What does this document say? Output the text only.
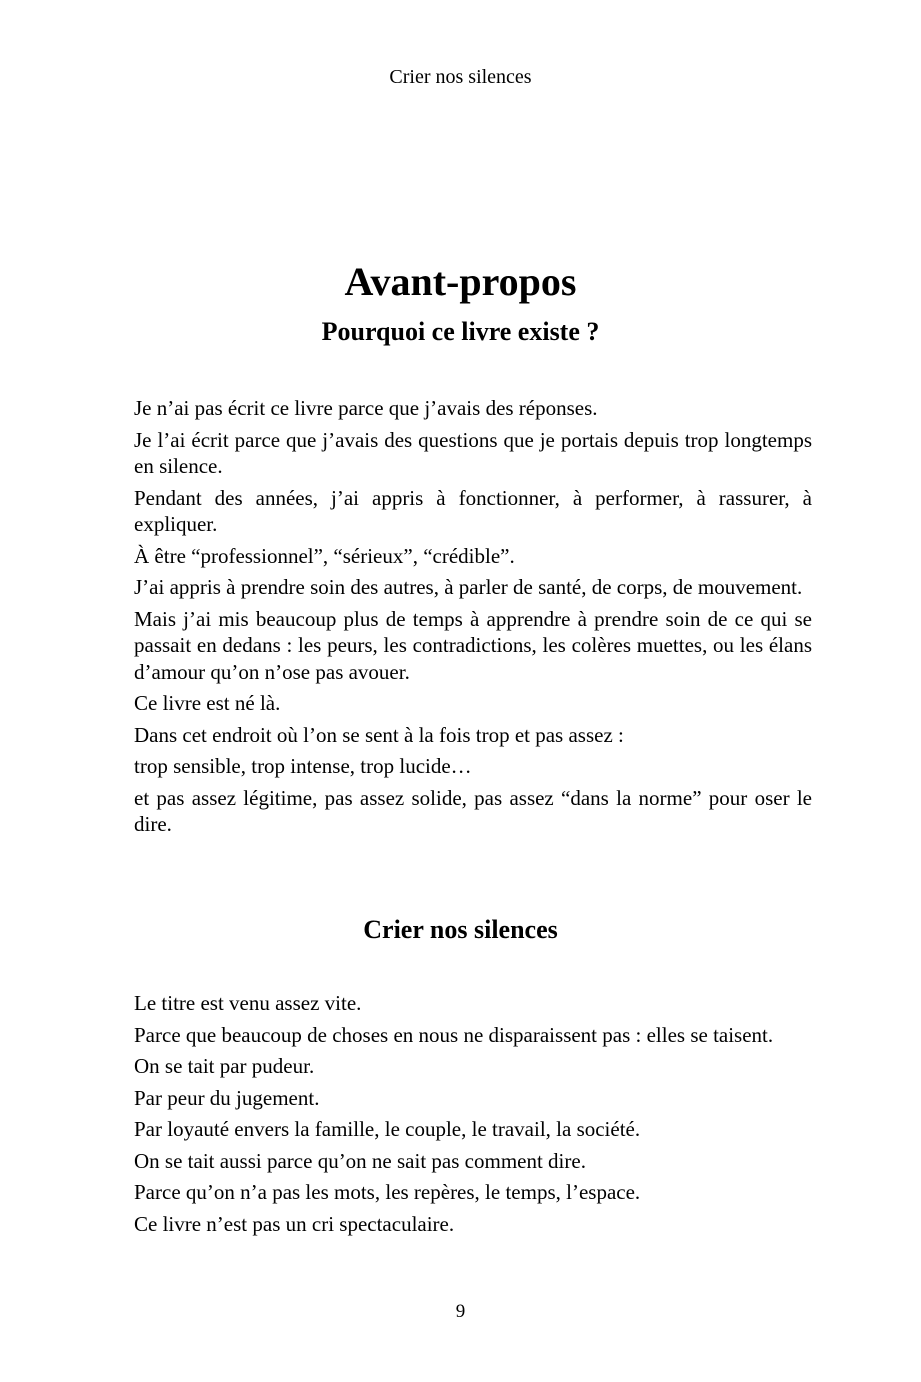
Crier nos silences
Avant-propos
Pourquoi ce livre existe ?

Je n’ai pas écrit ce livre parce que j’avais des réponses.

Je l’ai écrit parce que j’avais des questions que je portais depuis trop longtemps en silence.

Pendant des années, j’ai appris à fonctionner, à performer, à rassurer, à expliquer.

À être “professionnel”, “sérieux”, “crédible”.

J’ai appris à prendre soin des autres, à parler de santé, de corps, de mouvement.

Mais j’ai mis beaucoup plus de temps à apprendre à prendre soin de ce qui se passait en dedans : les peurs, les contradictions, les colères muettes, ou les élans d’amour qu’on n’ose pas avouer.

Ce livre est né là.

Dans cet endroit où l’on se sent à la fois trop et pas assez :

trop sensible, trop intense, trop lucide…

et pas assez légitime, pas assez solide, pas assez “dans la norme” pour oser le dire.

Crier nos silences

Le titre est venu assez vite.

Parce que beaucoup de choses en nous ne disparaissent pas : elles se taisent.

On se tait par pudeur.

Par peur du jugement.

Par loyauté envers la famille, le couple, le travail, la société.

On se tait aussi parce qu’on ne sait pas comment dire.

Parce qu’on n’a pas les mots, les repères, le temps, l’espace.

Ce livre n’est pas un cri spectaculaire.

9
